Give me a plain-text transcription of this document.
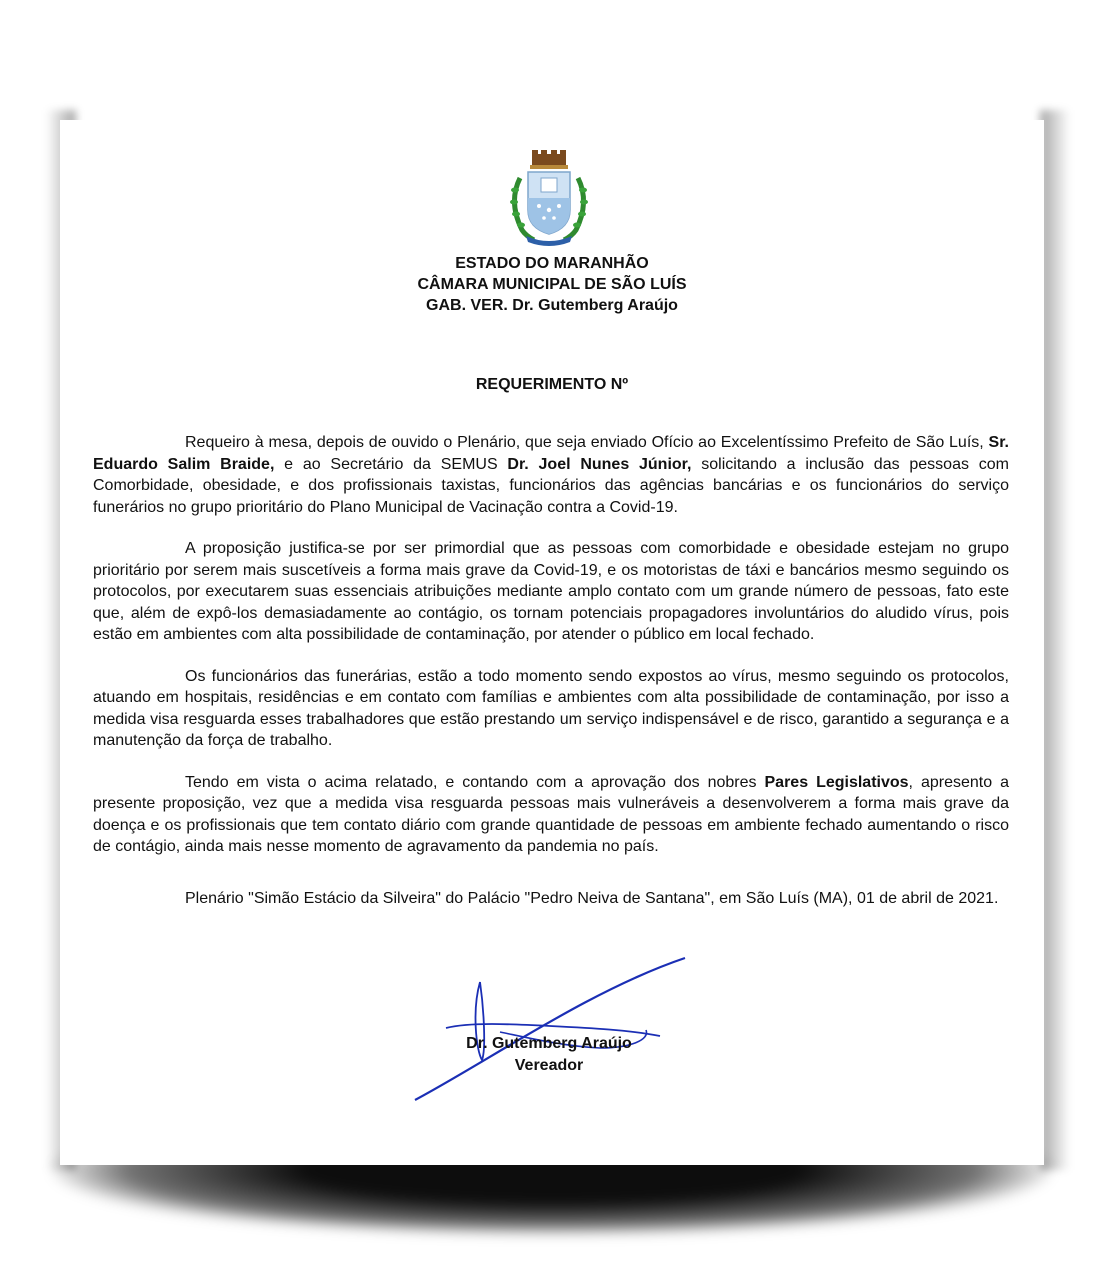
ESTADO DO MARANHÃO
CÂMARA MUNICIPAL DE SÃO LUÍS
GAB. VER. Dr. Gutemberg Araújo
REQUERIMENTO Nº

Requeiro à mesa, depois de ouvido o Plenário, que seja enviado Ofício ao Excelentíssimo Prefeito de São Luís, Sr. Eduardo Salim Braide, e ao Secretário da SEMUS Dr. Joel Nunes Júnior, solicitando a inclusão das pessoas com Comorbidade, obesidade, e dos profissionais taxistas, funcionários das agências bancárias e os funcionários do serviço funerários no grupo prioritário do Plano Municipal de Vacinação contra a Covid-19.

A proposição justifica-se por ser primordial que as pessoas com comorbidade e obesidade estejam no grupo prioritário por serem mais suscetíveis a forma mais grave da Covid-19, e os motoristas de táxi e bancários mesmo seguindo os protocolos, por executarem suas essenciais atribuições mediante amplo contato com um grande número de pessoas, fato este que, além de expô-los demasiadamente ao contágio, os tornam potenciais propagadores involuntários do aludido vírus, pois estão em ambientes com alta possibilidade de contaminação, por atender o público em local fechado.

Os funcionários das funerárias, estão a todo momento sendo expostos ao vírus, mesmo seguindo os protocolos, atuando em hospitais, residências e em contato com famílias e ambientes com alta possibilidade de contaminação, por isso a medida visa resguarda esses trabalhadores que estão prestando um serviço indispensável e de risco, garantido a segurança e a manutenção da força de trabalho.

Tendo em vista o acima relatado, e contando com a aprovação dos nobres Pares Legislativos, apresento a presente proposição, vez que a medida visa resguarda pessoas mais vulneráveis a desenvolverem a forma mais grave da doença e os profissionais que tem contato diário com grande quantidade de pessoas em ambiente fechado aumentando o risco de contágio, ainda mais nesse momento de agravamento da pandemia no país.

Plenário "Simão Estácio da Silveira" do Palácio "Pedro Neiva de Santana", em São Luís (MA), 01 de abril de 2021.

Dr. Gutemberg Araújo
Vereador
